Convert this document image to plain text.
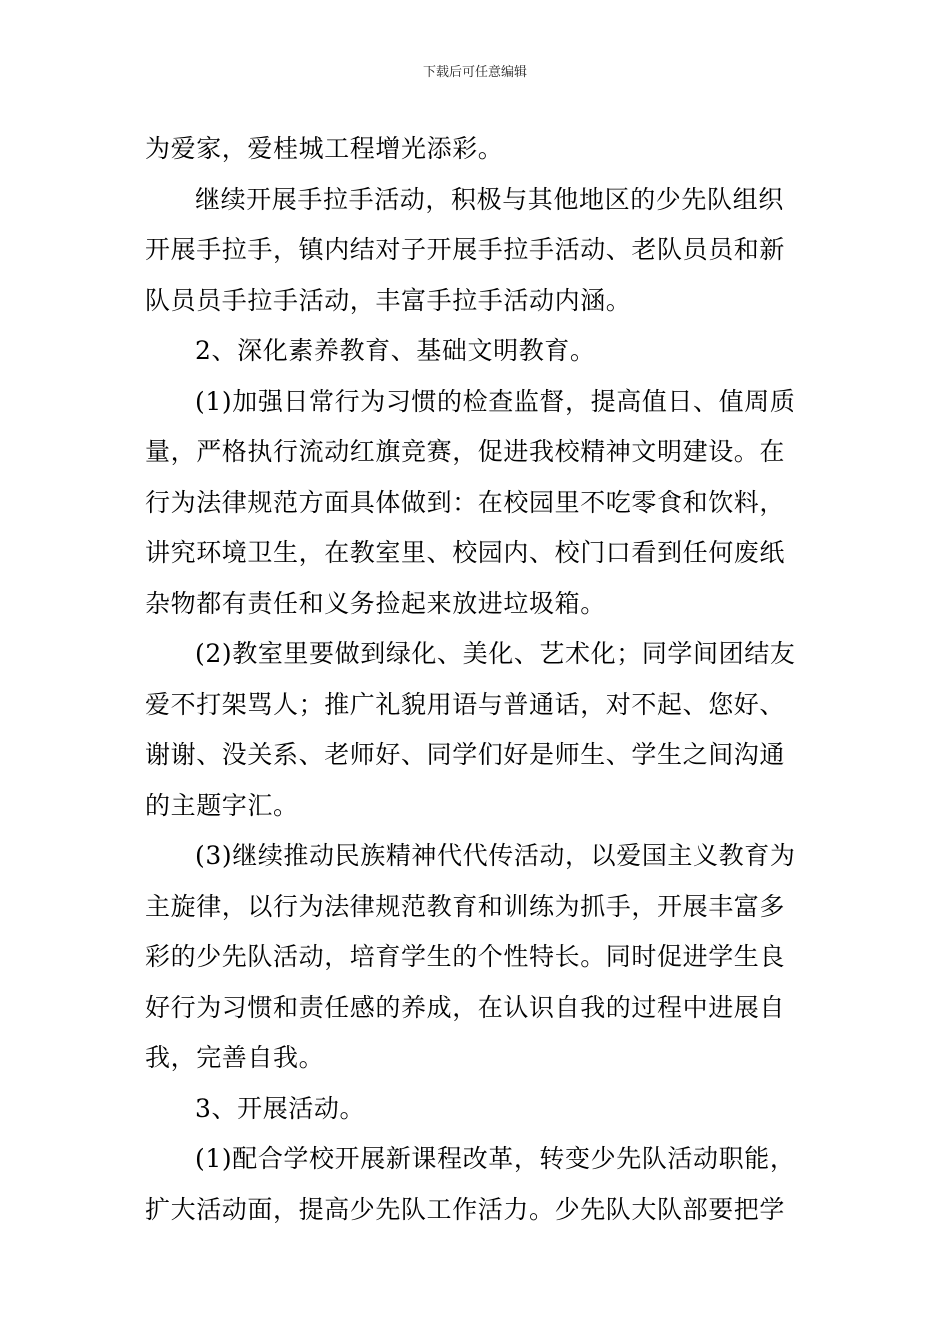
下载后可任意编辑
为爱家，爱桂城工程增光添彩。
继续开展手拉手活动，积极与其他地区的少先队组织
开展手拉手，镇内结对子开展手拉手活动、老队员员和新
队员员手拉手活动，丰富手拉手活动内涵。
2、深化素养教育、基础文明教育。
(1)加强日常行为习惯的检查监督，提高值日、值周质
量，严格执行流动红旗竞赛，促进我校精神文明建设。在
行为法律规范方面具体做到：在校园里不吃零食和饮料，
讲究环境卫生，在教室里、校园内、校门口看到任何废纸
杂物都有责任和义务捡起来放进垃圾箱。
(2)教室里要做到绿化、美化、艺术化；同学间团结友
爱不打架骂人；推广礼貌用语与普通话，对不起、您好、
谢谢、没关系、老师好、同学们好是师生、学生之间沟通
的主题字汇。
(3)继续推动民族精神代代传活动，以爱国主义教育为
主旋律，以行为法律规范教育和训练为抓手，开展丰富多
彩的少先队活动，培育学生的个性特长。同时促进学生良
好行为习惯和责任感的养成，在认识自我的过程中进展自
我，完善自我。
3、开展活动。
(1)配合学校开展新课程改革，转变少先队活动职能，
扩大活动面，提高少先队工作活力。少先队大队部要把学
